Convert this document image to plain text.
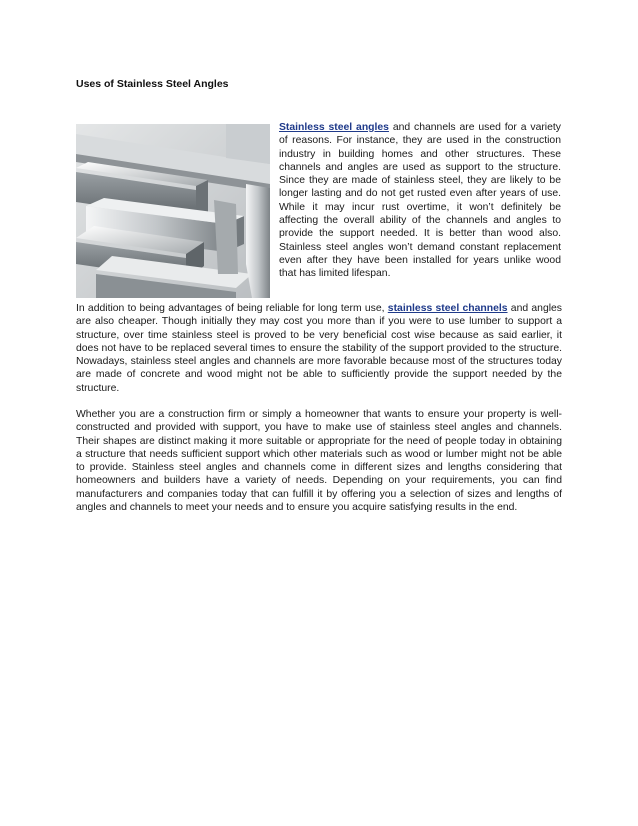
Uses of Stainless Steel Angles

Stainless steel angles and channels are used for a variety of reasons. For instance, they are used in the construction industry in building homes and other structures. These channels and angles are used as support to the structure. Since they are made of stainless steel, they are likely to be longer lasting and do not get rusted even after years of use. While it may incur rust overtime, it won’t definitely be affecting the overall ability of the channels and angles to provide the support needed. It is better than wood also. Stainless steel angles won’t demand constant replacement even after they have been installed for years unlike wood that has limited lifespan.

In addition to being advantages of being reliable for long term use, stainless steel channels and angles are also cheaper. Though initially they may cost you more than if you were to use lumber to support a structure, over time stainless steel is proved to be very beneficial cost wise because as said earlier, it does not have to be replaced several times to ensure the stability of the support provided to the structure. Nowadays, stainless steel angles and channels are more favorable because most of the structures today are made of concrete and wood might not be able to sufficiently provide the support needed by the structure.

Whether you are a construction firm or simply a homeowner that wants to ensure your property is well-constructed and provided with support, you have to make use of stainless steel angles and channels. Their shapes are distinct making it more suitable or appropriate for the need of people today in obtaining a structure that needs sufficient support which other materials such as wood or lumber might not be able to provide. Stainless steel angles and channels come in different sizes and lengths considering that homeowners and builders have a variety of needs. Depending on your requirements, you can find manufacturers and companies today that can fulfill it by offering you a selection of sizes and lengths of angles and channels to meet your needs and to ensure you acquire satisfying results in the end.
